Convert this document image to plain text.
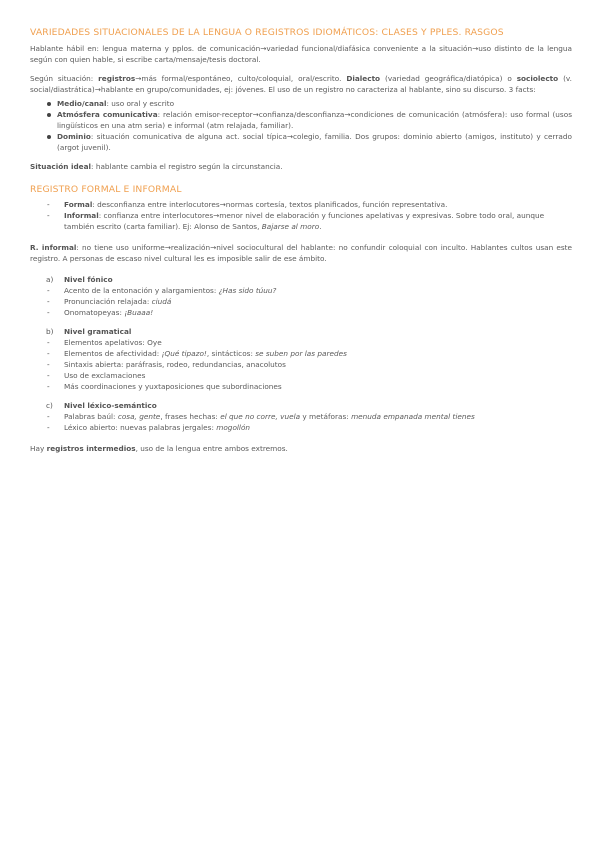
VARIEDADES SITUACIONALES DE LA LENGUA O REGISTROS IDIOMÁTICOS: CLASES Y PPLES. RASGOS

Hablante hábil en: lengua materna y pplos. de comunicación→variedad funcional/diafásica conveniente a la situación→uso distinto de la lengua según con quien hable, si escribe carta/mensaje/tesis doctoral.

Según situación: registros→más formal/espontáneo, culto/coloquial, oral/escrito. Dialecto (variedad geográfica/diatópica) o sociolecto (v. social/diastrática)→hablante en grupo/comunidades, ej: jóvenes. El uso de un registro no caracteriza al hablante, sino su discurso. 3 facts:

Medio/canal: uso oral y escrito
Atmósfera comunicativa: relación emisor-receptor→confianza/desconfianza→condiciones de comunicación (atmósfera): uso formal (usos lingüísticos en una atm seria) e informal (atm relajada, familiar).
Dominio: situación comunicativa de alguna act. social típica→colegio, familia. Dos grupos: dominio abierto (amigos, instituto) y cerrado (argot juvenil).

Situación ideal: hablante cambia el registro según la circunstancia.

REGISTRO FORMAL E INFORMAL
- Formal: desconfianza entre interlocutores→normas cortesía, textos planificados, función representativa.
- Informal: confianza entre interlocutores→menor nivel de elaboración y funciones apelativas y expresivas. Sobre todo oral, aunque también escrito (carta familiar). Ej: Alonso de Santos, Bajarse al moro.

R. informal: no tiene uso uniforme→realización→nivel sociocultural del hablante: no confundir coloquial con inculto. Hablantes cultos usan este registro. A personas de escaso nivel cultural les es imposible salir de ese ámbito.

a) Nivel fónico
- Acento de la entonación y alargamientos: ¿Has sido túuu?
- Pronunciación relajada: ciudá
- Onomatopeyas: ¡Buaaa!
b) Nivel gramatical
- Elementos apelativos: Oye
- Elementos de afectividad: ¡Qué tipazo!, sintácticos: se suben por las paredes
- Sintaxis abierta: paráfrasis, rodeo, redundancias, anacolutos
- Uso de exclamaciones
- Más coordinaciones y yuxtaposiciones que subordinaciones
c) Nivel léxico-semántico
- Palabras baúl: cosa, gente, frases hechas: el que no corre, vuela y metáforas: menuda empanada mental tienes
- Léxico abierto: nuevas palabras jergales: mogollón

Hay registros intermedios, uso de la lengua entre ambos extremos.
